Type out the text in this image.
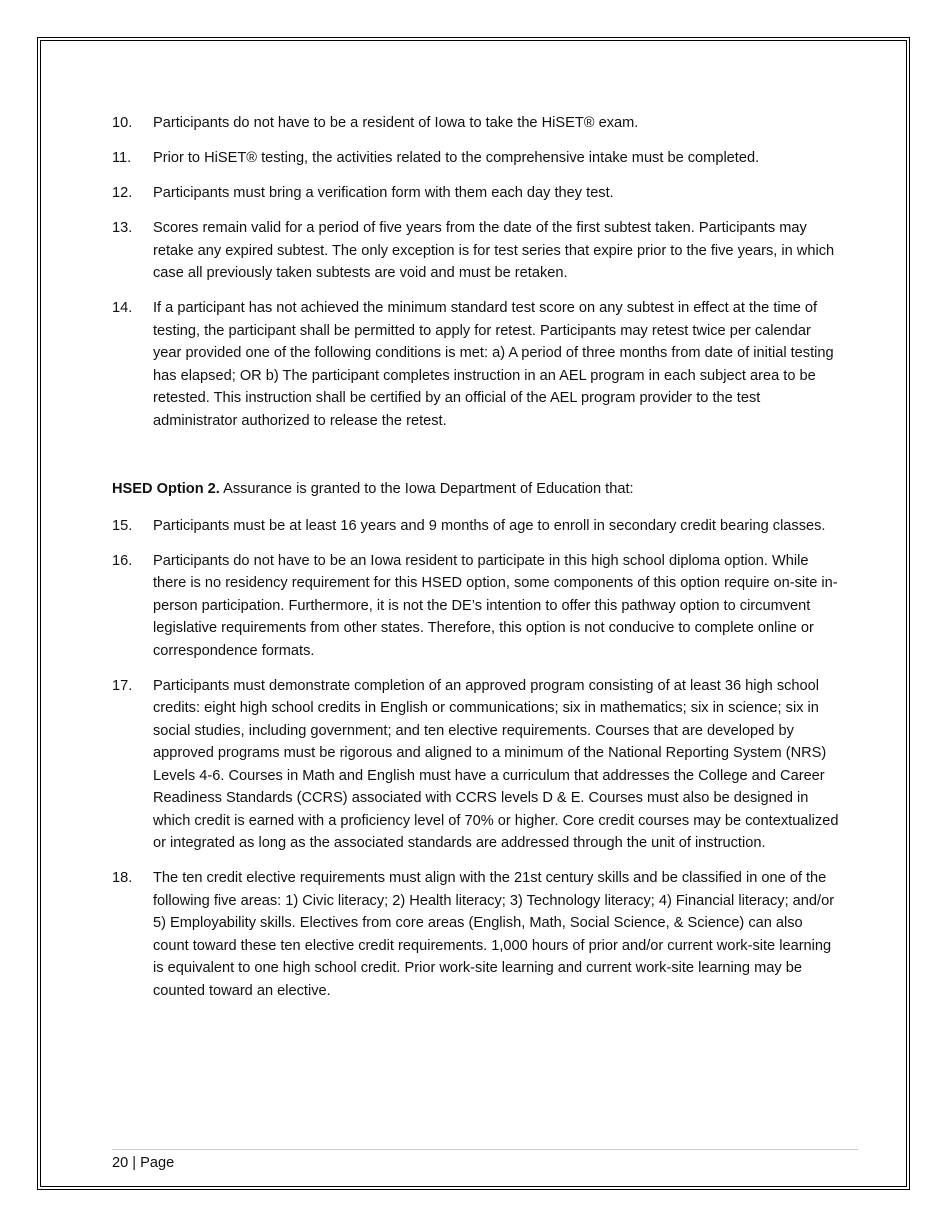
10.	Participants do not have to be a resident of Iowa to take the HiSET® exam.
11.	Prior to HiSET® testing, the activities related to the comprehensive intake must be completed.
12.	Participants must bring a verification form with them each day they test.
13.	Scores remain valid for a period of five years from the date of the first subtest taken. Participants may retake any expired subtest. The only exception is for test series that expire prior to the five years, in which case all previously taken subtests are void and must be retaken.
14.	If a participant has not achieved the minimum standard test score on any subtest in effect at the time of testing, the participant shall be permitted to apply for retest. Participants may retest twice per calendar year provided one of the following conditions is met: a) A period of three months from date of initial testing has elapsed; OR b) The participant completes instruction in an AEL program in each subject area to be retested. This instruction shall be certified by an official of the AEL program provider to the test administrator authorized to release the retest.
HSED Option 2. Assurance is granted to the Iowa Department of Education that:
15.	Participants must be at least 16 years and 9 months of age to enroll in secondary credit bearing classes.
16.	Participants do not have to be an Iowa resident to participate in this high school diploma option. While there is no residency requirement for this HSED option, some components of this option require on-site in-person participation. Furthermore, it is not the DE’s intention to offer this pathway option to circumvent legislative requirements from other states. Therefore, this option is not conducive to complete online or correspondence formats.
17.	Participants must demonstrate completion of an approved program consisting of at least 36 high school credits: eight high school credits in English or communications; six in mathematics; six in science; six in social studies, including government; and ten elective requirements. Courses that are developed by approved programs must be rigorous and aligned to a minimum of the National Reporting System (NRS) Levels 4-6. Courses in Math and English must have a curriculum that addresses the College and Career Readiness Standards (CCRS) associated with CCRS levels D & E. Courses must also be designed in which credit is earned with a proficiency level of 70% or higher. Core credit courses may be contextualized or integrated as long as the associated standards are addressed through the unit of instruction.
18.	The ten credit elective requirements must align with the 21st century skills and be classified in one of the following five areas: 1) Civic literacy; 2) Health literacy; 3) Technology literacy; 4) Financial literacy; and/or 5) Employability skills. Electives from core areas (English, Math, Social Science, & Science) can also count toward these ten elective credit requirements. 1,000 hours of prior and/or current work-site learning is equivalent to one high school credit. Prior work-site learning and current work-site learning may be counted toward an elective.
20 | Page
